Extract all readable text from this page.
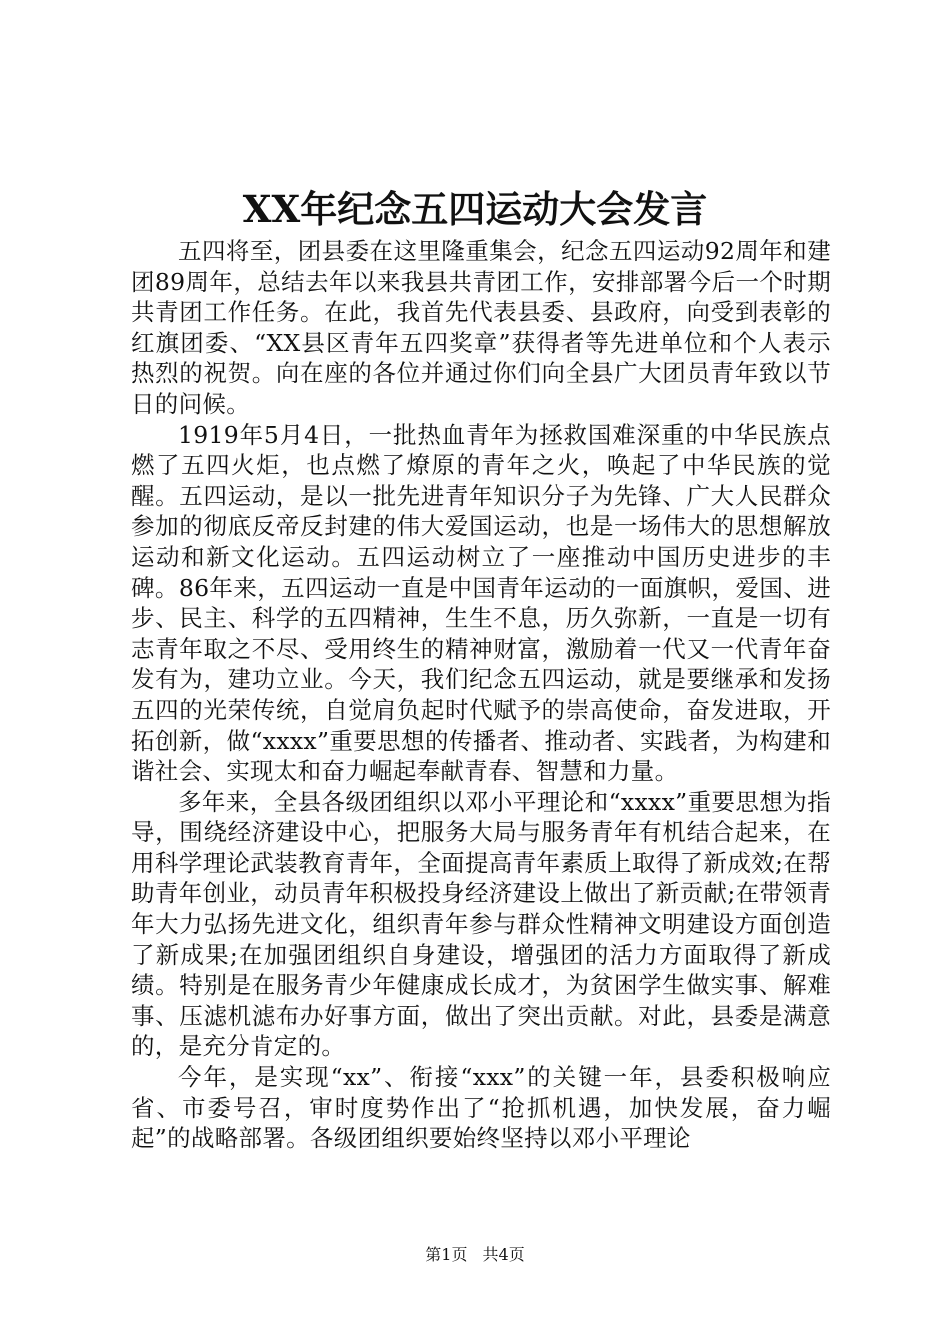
XX年纪念五四运动大会发言

五四将至，团县委在这里隆重集会，纪念五四运动92周年和建团89周年，总结去年以来我县共青团工作，安排部署今后一个时期共青团工作任务。在此，我首先代表县委、县政府，向受到表彰的红旗团委、“XX县区青年五四奖章”获得者等先进单位和个人表示热烈的祝贺。向在座的各位并通过你们向全县广大团员青年致以节日的问候。

1919年5月4日，一批热血青年为拯救国难深重的中华民族点燃了五四火炬，也点燃了燎原的青年之火，唤起了中华民族的觉醒。五四运动，是以一批先进青年知识分子为先锋、广大人民群众参加的彻底反帝反封建的伟大爱国运动，也是一场伟大的思想解放运动和新文化运动。五四运动树立了一座推动中国历史进步的丰碑。86年来，五四运动一直是中国青年运动的一面旗帜，爱国、进步、民主、科学的五四精神，生生不息，历久弥新，一直是一切有志青年取之不尽、受用终生的精神财富，激励着一代又一代青年奋发有为，建功立业。今天，我们纪念五四运动，就是要继承和发扬五四的光荣传统，自觉肩负起时代赋予的崇高使命，奋发进取，开拓创新，做“xxxx”重要思想的传播者、推动者、实践者，为构建和谐社会、实现太和奋力崛起奉献青春、智慧和力量。

多年来，全县各级团组织以邓小平理论和“xxxx”重要思想为指导，围绕经济建设中心，把服务大局与服务青年有机结合起来，在用科学理论武装教育青年，全面提高青年素质上取得了新成效;在帮助青年创业，动员青年积极投身经济建设上做出了新贡献;在带领青年大力弘扬先进文化，组织青年参与群众性精神文明建设方面创造了新成果;在加强团组织自身建设，增强团的活力方面取得了新成绩。特别是在服务青少年健康成长成才，为贫困学生做实事、解难事、压滤机滤布办好事方面，做出了突出贡献。对此，县委是满意的，是充分肯定的。

今年，是实现“xx”、衔接“xxx”的关键一年，县委积极响应省、市委号召，审时度势作出了“抢抓机遇，加快发展，奋力崛起”的战略部署。各级团组织要始终坚持以邓小平理论

第1页 共4页
